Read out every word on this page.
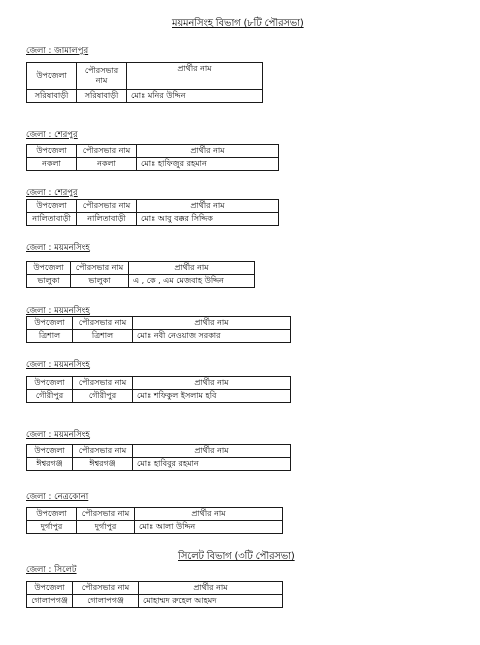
ময়মনসিংহ বিভাগ (৮টি পৌরসভা)
সিলেট বিভাগ (৩টি পৌরসভা)
জেলা : জামালপুর
উপজেলা	পৌরসভার নাম	প্রার্থীর নাম
সরিষাবাড়ী	সরিষাবাড়ী	মোঃ মনির উদ্দিন
জেলা : শেরপুর
উপজেলা	পৌরসভার নাম	প্রার্থীর নাম
নকলা	নকলা	মোঃ হাফিজুর রহমান
জেলা : শেরপুর
উপজেলা	পৌরসভার নাম	প্রার্থীর নাম
নালিতাবাড়ী	নালিতাবাড়ী	মোঃ আবু বক্কর সিদ্দিক
জেলা : ময়মনসিংহ
উপজেলা	পৌরসভার নাম	প্রার্থীর নাম
ভালুকা	ভালুকা	এ , কে , এম মেজবাহ উদ্দিন
জেলা : ময়মনসিংহ
উপজেলা	পৌরসভার নাম	প্রার্থীর নাম
ত্রিশাল	ত্রিশাল	মোঃ নবী নেওয়াজ সরকার
জেলা : ময়মনসিংহ
উপজেলা	পৌরসভার নাম	প্রার্থীর নাম
গৌরীপুর	গৌরীপুর	মোঃ শফিকুল ইসলাম হবি
জেলা : ময়মনসিংহ
উপজেলা	পৌরসভার নাম	প্রার্থীর নাম
ঈশ্বরগঞ্জ	ঈশ্বরগঞ্জ	মোঃ হাবিবুর রহমান
জেলা : নেত্রকোনা
উপজেলা	পৌরসভার নাম	প্রার্থীর নাম
দুর্গাপুর	দুর্গাপুর	মোঃ আলা উদ্দিন
জেলা : সিলেট
উপজেলা	পৌরসভার নাম	প্রার্থীর নাম
গোলাপগঞ্জ	গোলাপগঞ্জ	মোহাম্মদ রুহেল আহমদ
